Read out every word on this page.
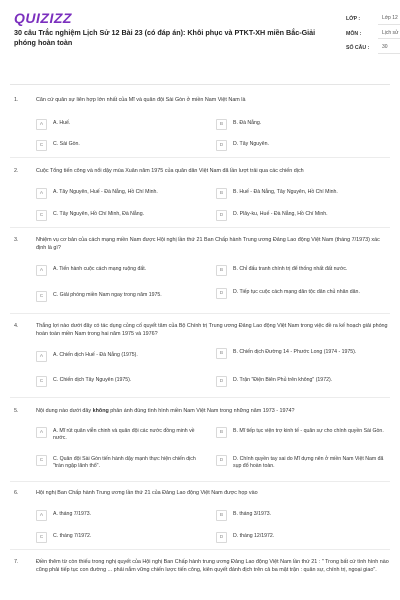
QUIZIZZ
30 câu Trắc nghiệm Lịch Sử 12 Bài 23 (có đáp án): Khôi phục và PTKT-XH miền Bắc-Giải phóng hoàn toàn
LỚP :	Lớp 12
MÔN :	Lịch sử
SỐ CÂU :	30
1.	Căn cứ quân sự liên hợp lớn nhất của Mĩ và quân đội Sài Gòn ở miền Nam Việt Nam là
A	A. Huế.	B	B. Đà Nẵng.
C	C. Sài Gòn.	D	D. Tây Nguyên.
2.	Cuộc Tổng tiến công và nổi dậy mùa Xuân năm 1975 của quân dân Việt Nam đã lần lượt trải qua các chiến dịch
A	A. Tây Nguyên, Huế - Đà Nẵng, Hồ Chí Minh.	B	B. Huế - Đà Nẵng, Tây Nguyên, Hồ Chí Minh.
C	C. Tây Nguyên, Hồ Chí Minh, Đà Nẵng.	D	D. Plây-ku, Huế - Đà Nẵng, Hồ Chí Minh.
3.	Nhiệm vụ cơ bản của cách mạng miền Nam được Hội nghị lần thứ 21 Ban Chấp hành Trung ương Đảng Lao động Việt Nam (tháng 7/1973) xác định là gì?
A	A. Tiến hành cuộc cách mạng ruộng đất.	B	B. Chỉ đấu tranh chính trị để thống nhất đất nước.
C	C. Giải phóng miền Nam ngay trong năm 1975.	D	D. Tiếp tục cuộc cách mạng dân tộc dân chủ nhân dân.
4.	Thắng lợi nào dưới đây có tác dụng củng cố quyết tâm của Bộ Chính trị Trung ương Đảng Lao động Việt Nam trong việc đề ra kế hoạch giải phóng hoàn toàn miền Nam trong hai năm 1975 và 1976?
A	A. Chiến dịch Huế - Đà Nẵng (1975).	B	B. Chiến dịch Đường 14 - Phước Long (1974 - 1975).
C	C. Chiến dịch Tây Nguyên (1975).	D	D. Trận "Điện Biên Phủ trên không" (1972).
5.	Nội dung nào dưới đây không phản ánh đúng tình hình miền Nam Việt Nam trong những năm 1973 - 1974?
A	A. Mĩ rút quân viễn chinh và quân đội các nước đồng minh về nước.
B	B. Mĩ tiếp tục viện trợ kinh tế - quân sự cho chính quyền Sài Gòn.
C	C. Quân đội Sài Gòn tiến hành dậy mạnh thực hiện chiến dịch "tràn ngập lãnh thổ".
D	D. Chính quyền tay sai do Mĩ dựng nên ở miền Nam Việt Nam đã sụp đổ hoàn toàn.
6.	Hội nghị Ban Chấp hành Trung ương lần thứ 21 của Đảng Lao động Việt Nam được họp vào
A	A. tháng 7/1973.	B	B. tháng 3/1973.
C	C. tháng 7/1972.	D	D. tháng 12/1972.
7.	Điền thêm từ còn thiếu trong nghị quyết của Hội nghị Ban Chấp hành trung ương Đảng Lao động Việt Nam lần thứ 21 : " Trong bất cứ tình hình nào cũng phải tiếp tục con đường ... phải nắm vững chiến lược tiến công, kiên quyết đánh địch trên cả ba mặt trận : quân sự, chính trị, ngoại giao".
